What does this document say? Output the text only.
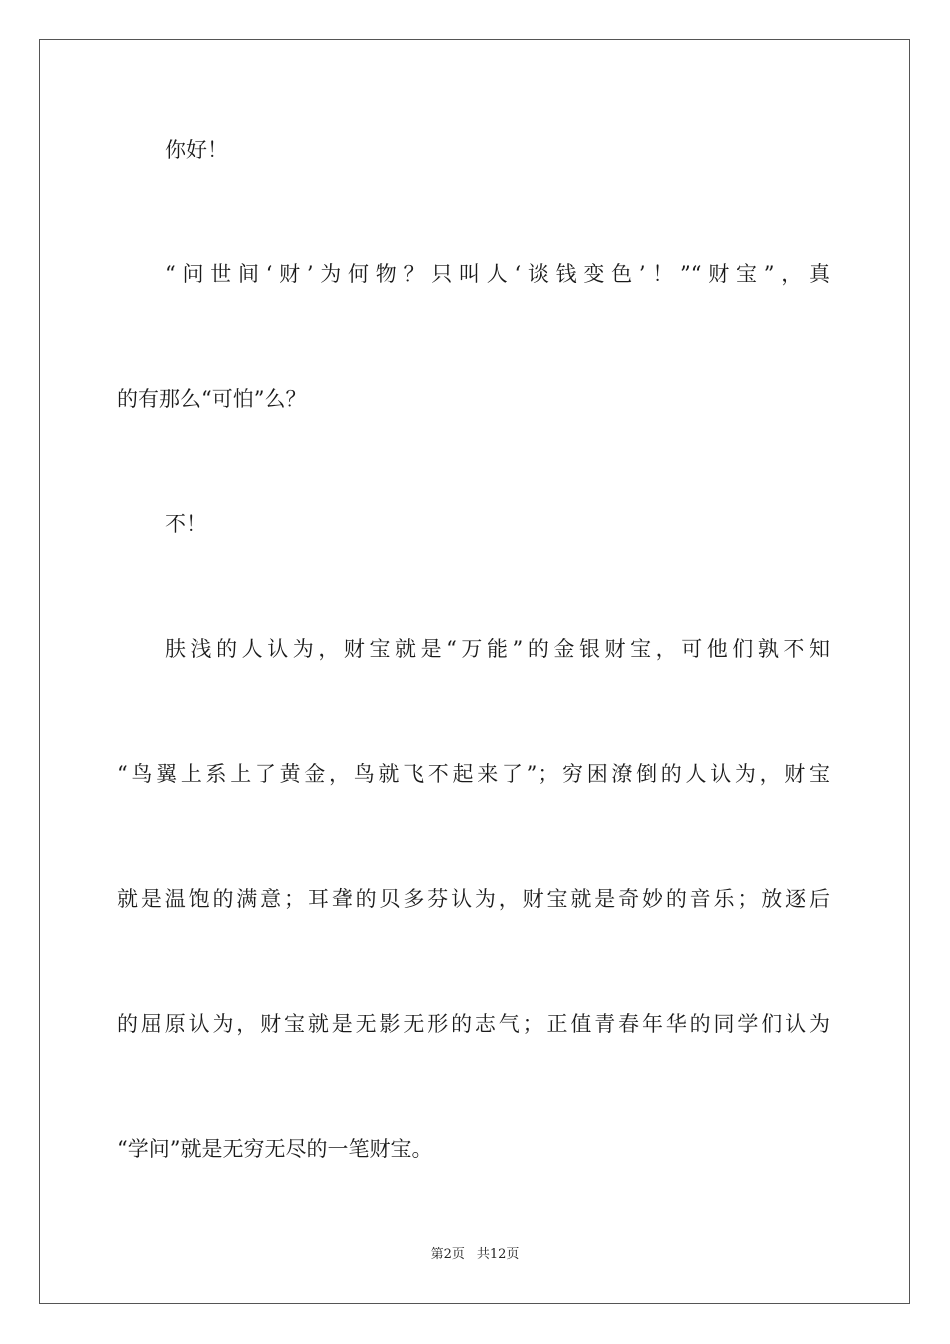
你好！
“问世间‘财’为何物？只叫人‘谈钱变色’！”“财宝”，真
的有那么“可怕”么？
不！
肤浅的人认为，财宝就是“万能”的金银财宝，可他们孰不知
“鸟翼上系上了黄金，鸟就飞不起来了”；穷困潦倒的人认为，财宝
就是温饱的满意；耳聋的贝多芬认为，财宝就是奇妙的音乐；放逐后
的屈原认为，财宝就是无影无形的志气；正值青春年华的同学们认为
“学问”就是无穷无尽的一笔财宝。
第2页 共12页
